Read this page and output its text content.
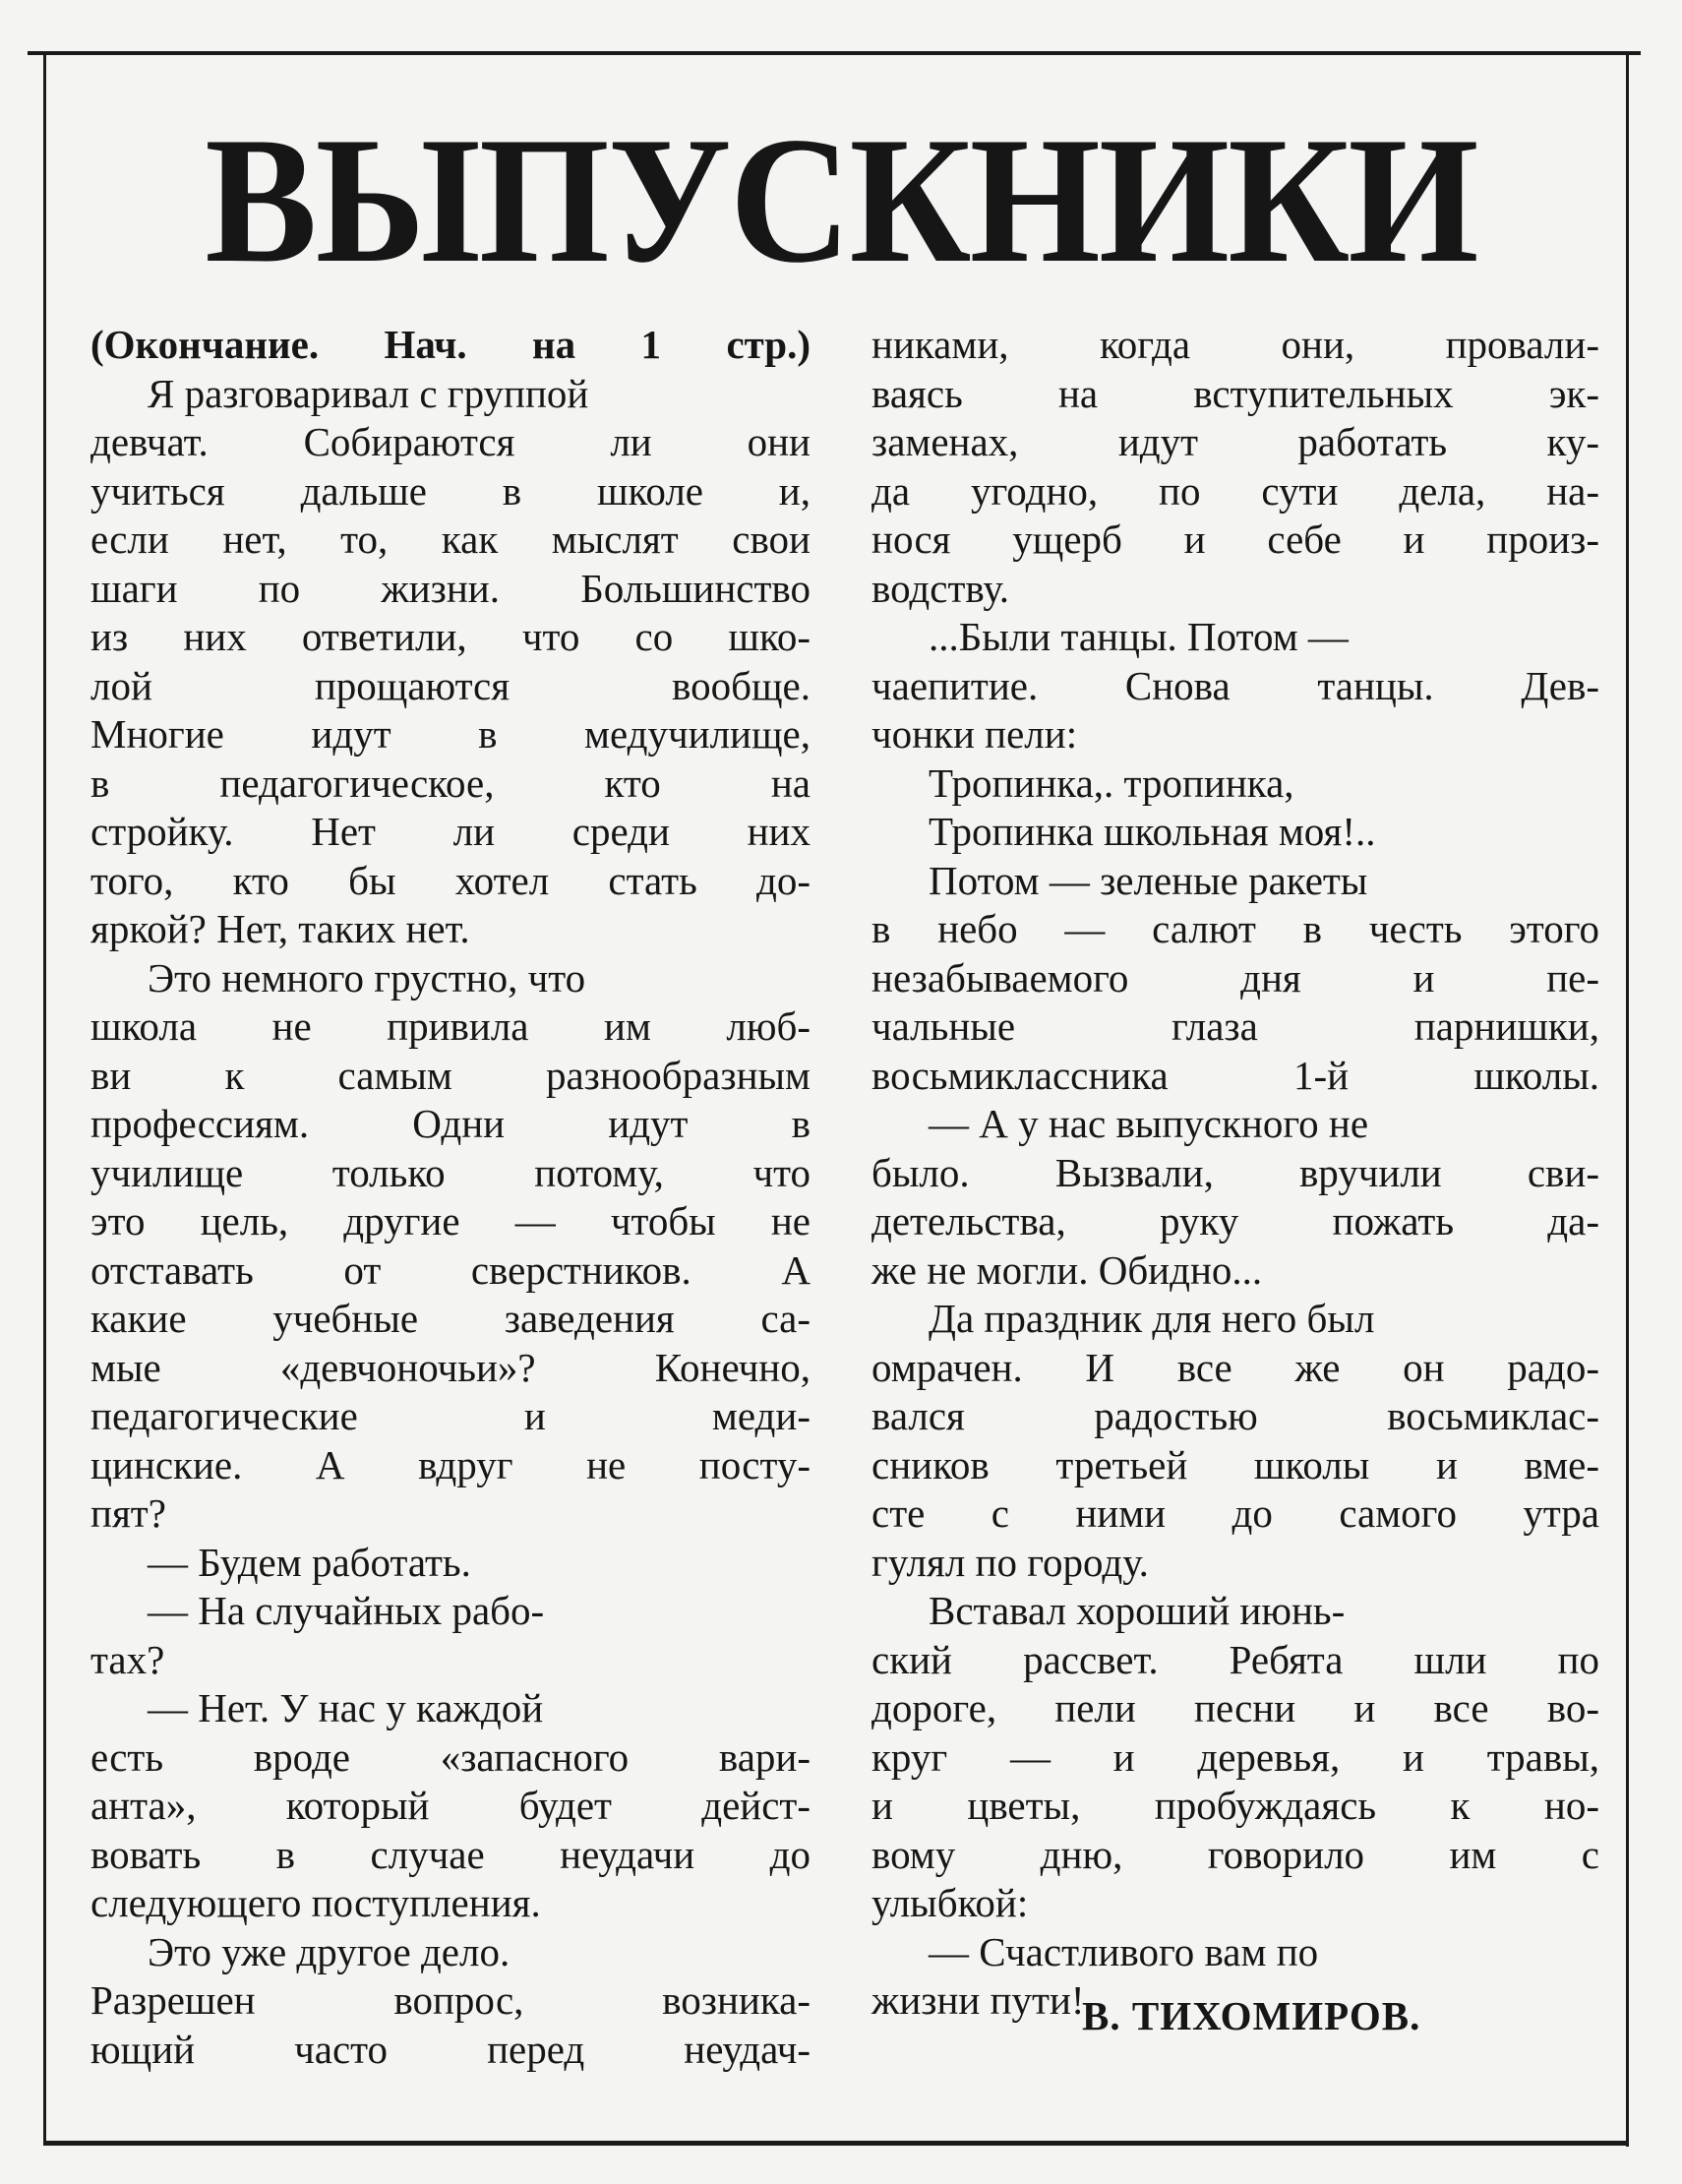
ВЫПУСКНИКИ
(Окончание. Нач. на 1 стр.)
Я разговаривал с группой
девчат. Собираются ли они
учиться дальше в школе и,
если нет, то, как мыслят свои
шаги по жизни. Большинство
из них ответили, что со шко-
лой прощаются вообще.
Многие идут в медучилище,
в педагогическое, кто на
стройку. Нет ли среди них
того, кто бы хотел стать до-
яркой? Нет, таких нет.
Это немного грустно, что
школа не привила им люб-
ви к самым разнообразным
профессиям. Одни идут в
училище только потому, что
это цель, другие — чтобы не
отставать от сверстников. А
какие учебные заведения са-
мые «девчоночьи»? Конечно,
педагогические и меди-
цинские. А вдруг не посту-
пят?
— Будем работать.
— На случайных рабо-
тах?
— Нет. У нас у каждой
есть вроде «запасного вари-
анта», который будет дейст-
вовать в случае неудачи до
следующего поступления.
Это уже другое дело.
Разрешен вопрос, возника-
ющий часто перед неудач-
никами, когда они, провали-
ваясь на вступительных эк-
заменах, идут работать ку-
да угодно, по сути дела, на-
нося ущерб и себе и произ-
водству.
...Были танцы. Потом —
чаепитие. Снова танцы. Дев-
чонки пели:
Тропинка,. тропинка,
Тропинка школьная моя!..
Потом — зеленые ракеты
в небо — салют в честь этого
незабываемого дня и пе-
чальные глаза парнишки,
восьмиклассника 1-й школы.
— А у нас выпускного не
было. Вызвали, вручили сви-
детельства, руку пожать да-
же не могли. Обидно...
Да праздник для него был
омрачен. И все же он радо-
вался радостью восьмиклас-
сников третьей школы и вме-
сте с ними до самого утра
гулял по городу.
Вставал хороший июнь-
ский рассвет. Ребята шли по
дороге, пели песни и все во-
круг — и деревья, и травы,
и цветы, пробуждаясь к но-
вому дню, говорило им с
улыбкой:
— Счастливого вам по
жизни пути!
В. ТИХОМИРОВ.
